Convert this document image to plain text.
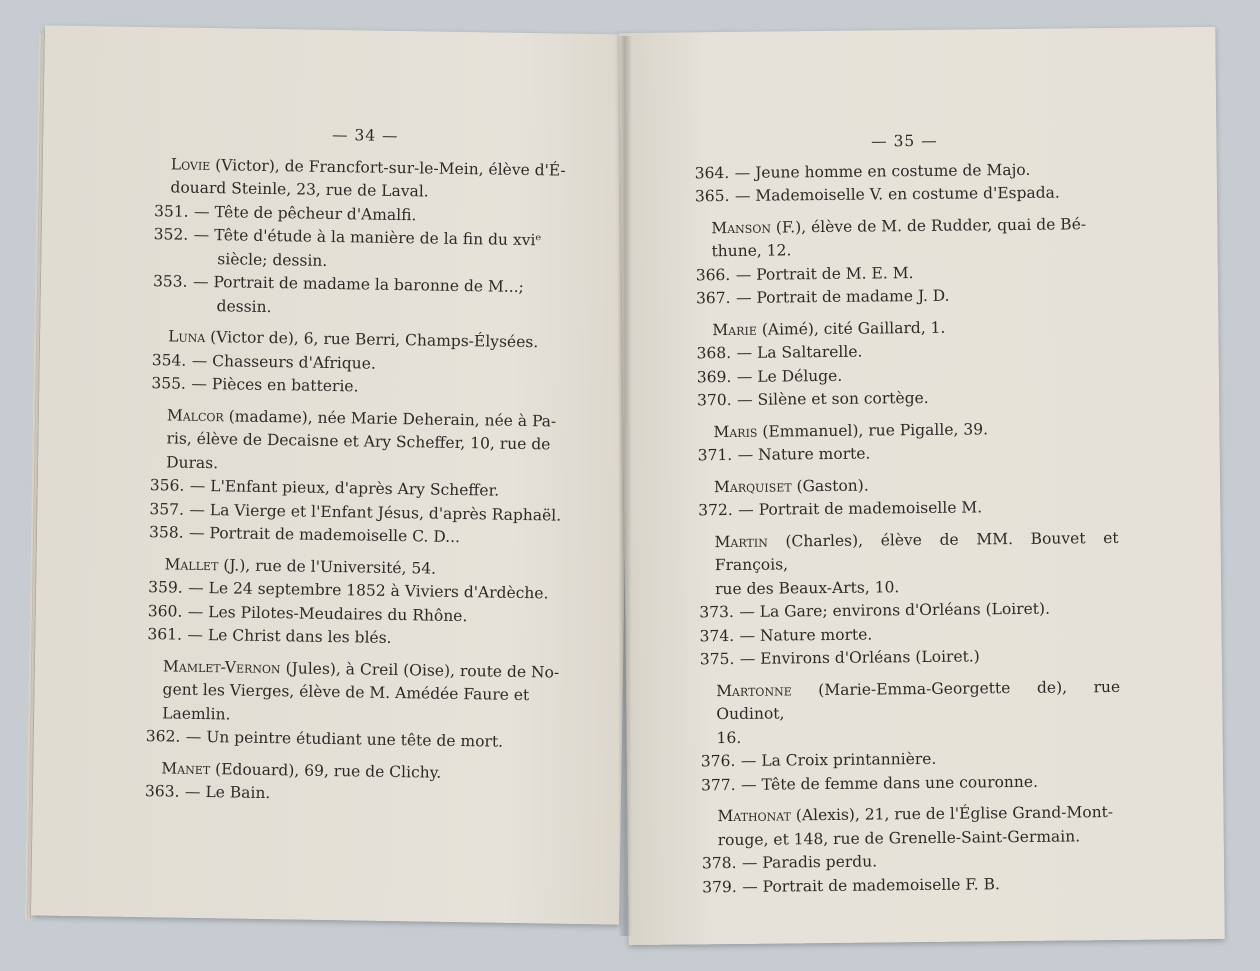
— 34 —
Lovie (Victor), de Francfort-sur-le-Mein, élève d'É-
douard Steinle, 23, rue de Laval.
351. — Tête de pêcheur d'Amalfi.
352. — Tête d'étude à la manière de la fin du xviᵉ
siècle; dessin.
353. — Portrait de madame la baronne de M...;
dessin.
Luna (Victor de), 6, rue Berri, Champs-Élysées.
354. — Chasseurs d'Afrique.
355. — Pièces en batterie.
Malcor (madame), née Marie Deherain, née à Pa-
ris, élève de Decaisne et Ary Scheffer, 10, rue de
Duras.
356. — L'Enfant pieux, d'après Ary Scheffer.
357. — La Vierge et l'Enfant Jésus, d'après Raphaël.
358. — Portrait de mademoiselle C. D...
Mallet (J.), rue de l'Université, 54.
359. — Le 24 septembre 1852 à Viviers d'Ardèche.
360. — Les Pilotes-Meudaires du Rhône.
361. — Le Christ dans les blés.
Mamlet-Vernon (Jules), à Creil (Oise), route de No-
gent les Vierges, élève de M. Amédée Faure et
Laemlin.
362. — Un peintre étudiant une tête de mort.
Manet (Edouard), 69, rue de Clichy.
363. — Le Bain.
— 35 —
364. — Jeune homme en costume de Majo.
365. — Mademoiselle V. en costume d'Espada.
Manson (F.), élève de M. de Rudder, quai de Bé-
thune, 12.
366. — Portrait de M. E. M.
367. — Portrait de madame J. D.
Marie (Aimé), cité Gaillard, 1.
368. — La Saltarelle.
369. — Le Déluge.
370. — Silène et son cortège.
Maris (Emmanuel), rue Pigalle, 39.
371. — Nature morte.
Marquiset (Gaston).
372. — Portrait de mademoiselle M.
Martin (Charles), élève de MM. Bouvet et François,
rue des Beaux-Arts, 10.
373. — La Gare; environs d'Orléans (Loiret).
374. — Nature morte.
375. — Environs d'Orléans (Loiret.)
Martonne (Marie-Emma-Georgette de), rue Oudinot,
16.
376. — La Croix printannière.
377. — Tête de femme dans une couronne.
Mathonat (Alexis), 21, rue de l'Église Grand-Mont-
rouge, et 148, rue de Grenelle-Saint-Germain.
378. — Paradis perdu.
379. — Portrait de mademoiselle F. B.
